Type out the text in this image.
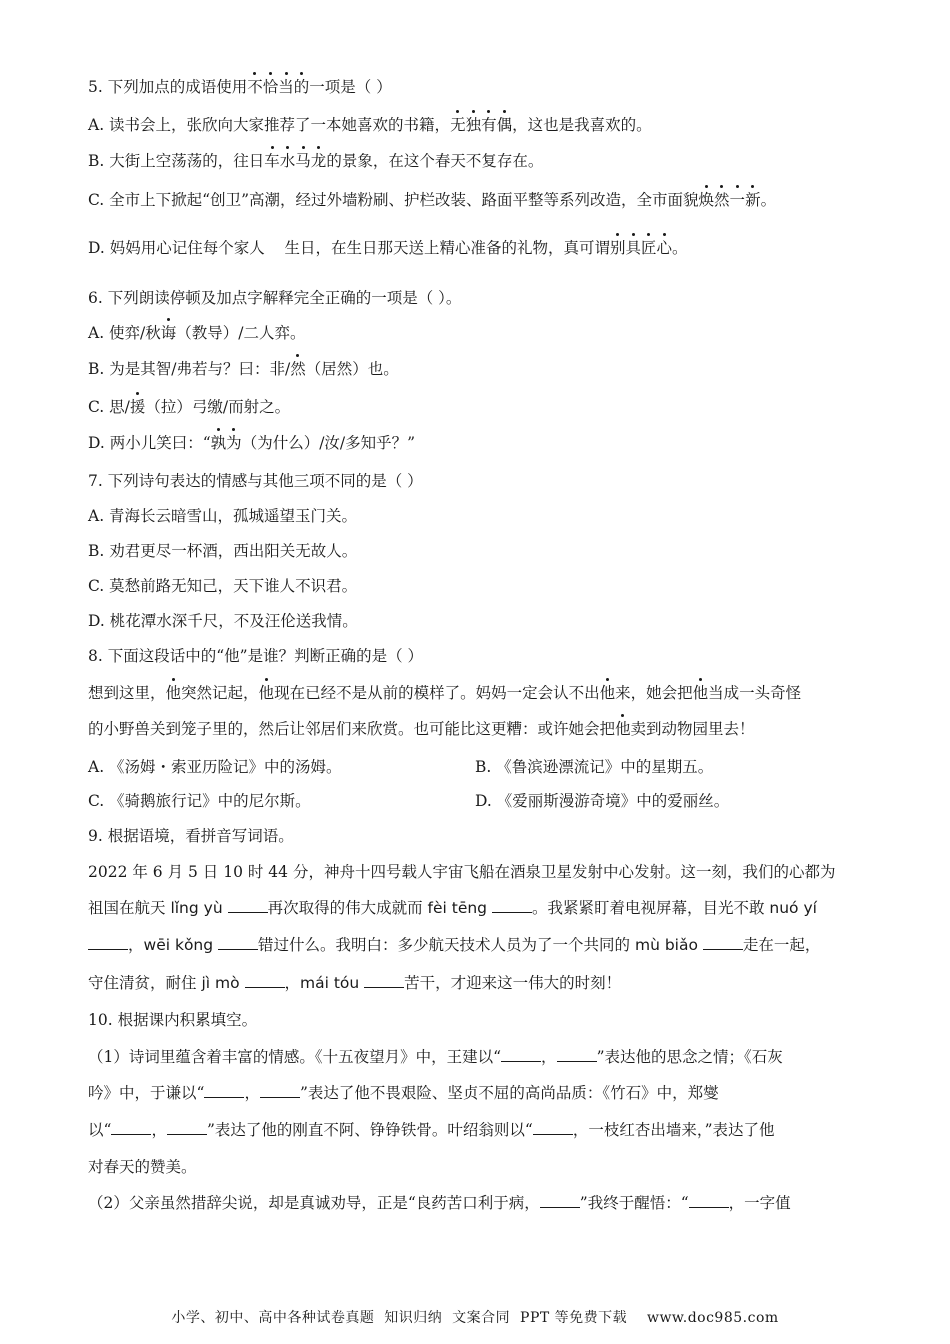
5. 下列加点的成语使用不恰当的一项是（ ）
A. 读书会上，张欣向大家推荐了一本她喜欢的书籍，无独有偶，这也是我喜欢的。
B. 大街上空荡荡的，往日车水马龙的景象，在这个春天不复存在。
C. 全市上下掀起“创卫”高潮，经过外墙粉刷、护栏改装、路面平整等系列改造，全市面貌焕然一新。
D. 妈妈用心记住每个家人    生日，在生日那天送上精心准备的礼物，真可谓别具匠心。
6. 下列朗读停顿及加点字解释完全正确的一项是（ ）。
A. 使弈/秋诲（教导）/二人弈。
B. 为是其智/弗若与？曰：非/然（居然）也。
C. 思/援（拉）弓缴/而射之。
D. 两小儿笑曰：“孰为（为什么）/汝/多知乎？”
7. 下列诗句表达的情感与其他三项不同的是（ ）
A. 青海长云暗雪山，孤城遥望玉门关。
B. 劝君更尽一杯酒，西出阳关无故人。
C. 莫愁前路无知己，天下谁人不识君。
D. 桃花潭水深千尺，不及汪伦送我情。
8. 下面这段话中的“他”是谁？判断正确的是（ ）
想到这里，他突然记起，他现在已经不是从前的模样了。妈妈一定会认不出他来，她会把他当成一头奇怪
的小野兽关到笼子里的，然后让邻居们来欣赏。也可能比这更糟：或许她会把他卖到动物园里去！
A. 《汤姆・索亚历险记》中的汤姆。	B. 《鲁滨逊漂流记》中的星期五。
C. 《骑鹅旅行记》中的尼尔斯。	D. 《爱丽斯漫游奇境》中的爱丽丝。
9. 根据语境，看拼音写词语。
2022 年 6 月 5 日 10 时 44 分，神舟十四号载人宇宙飞船在酒泉卫星发射中心发射。这一刻，我们的心都为
祖国在航天 lǐng yù	再次取得的伟大成就而 fèi tēng	。我紧紧盯着电视屏幕，目光不敢 nuó yí
，wēi kǒng	错过什么。我明白：多少航天技术人员为了一个共同的 mù biǎo	走在一起，
守住清贫，耐住 jì mò	，mái tóu	苦干，才迎来这一伟大的时刻！
10. 根据课内积累填空。
（1）诗词里蕴含着丰富的情感。《十五夜望月》中，王建以“	，	”表达他的思念之情；《石灰
吟》中，于谦以“	，	”表达了他不畏艰险、坚贞不屈的高尚品质：《竹石》中，郑燮
以“	，	”表达了他的刚直不阿、铮铮铁骨。叶绍翁则以“	，一枝红杏出墙来，”表达了他
对春天的赞美。
（2）父亲虽然措辞尖说，却是真诚劝导，正是“良药苦口利于病，	”我终于醒悟：“	，一字值
小学、初中、高中各种试卷真题  知识归纳  文案合同  PPT 等免费下载    www.doc985.com
